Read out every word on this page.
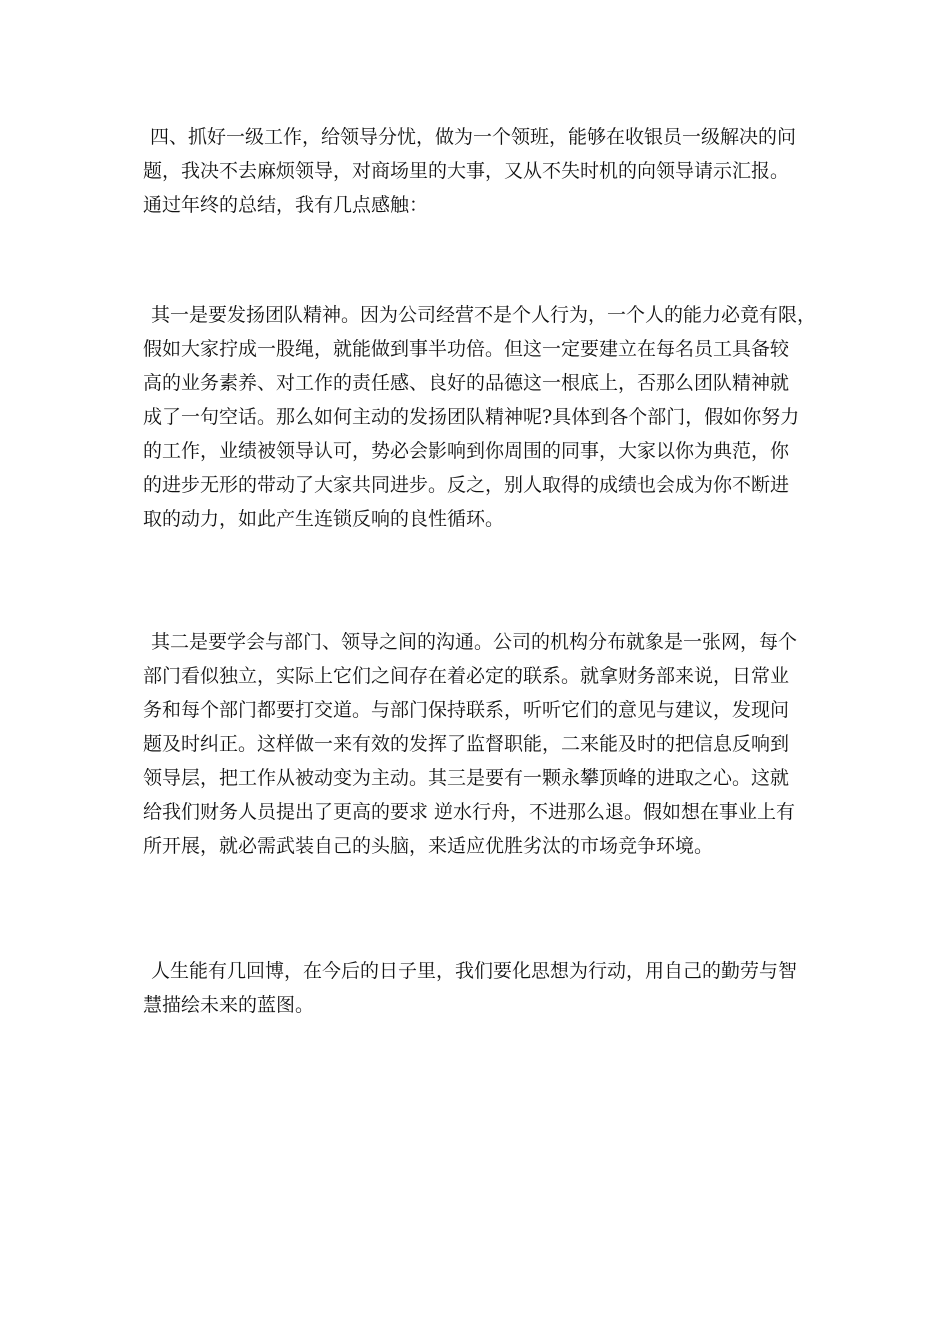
四、抓好一级工作，给领导分忧，做为一个领班，能够在收银员一级解决的问
题，我决不去麻烦领导，对商场里的大事，又从不失时机的向领导请示汇报。
通过年终的总结，我有几点感触：
其一是要发扬团队精神。因为公司经营不是个人行为，一个人的能力必竟有限，
假如大家拧成一股绳，就能做到事半功倍。但这一定要建立在每名员工具备较
高的业务素养、对工作的责任感、良好的品德这一根底上，否那么团队精神就
成了一句空话。那么如何主动的发扬团队精神呢?具体到各个部门，假如你努力
的工作，业绩被领导认可，势必会影响到你周围的同事，大家以你为典范，你
的进步无形的带动了大家共同进步。反之，别人取得的成绩也会成为你不断进
取的动力，如此产生连锁反响的良性循环。
其二是要学会与部门、领导之间的沟通。公司的机构分布就象是一张网，每个
部门看似独立，实际上它们之间存在着必定的联系。就拿财务部来说，日常业
务和每个部门都要打交道。与部门保持联系，听听它们的意见与建议，发现问
题及时纠正。这样做一来有效的发挥了监督职能，二来能及时的把信息反响到
领导层，把工作从被动变为主动。其三是要有一颗永攀顶峰的进取之心。这就
给我们财务人员提出了更高的要求 逆水行舟，不进那么退。假如想在事业上有
所开展，就必需武装自己的头脑，来适应优胜劣汰的市场竞争环境。
人生能有几回博，在今后的日子里，我们要化思想为行动，用自己的勤劳与智
慧描绘未来的蓝图。
